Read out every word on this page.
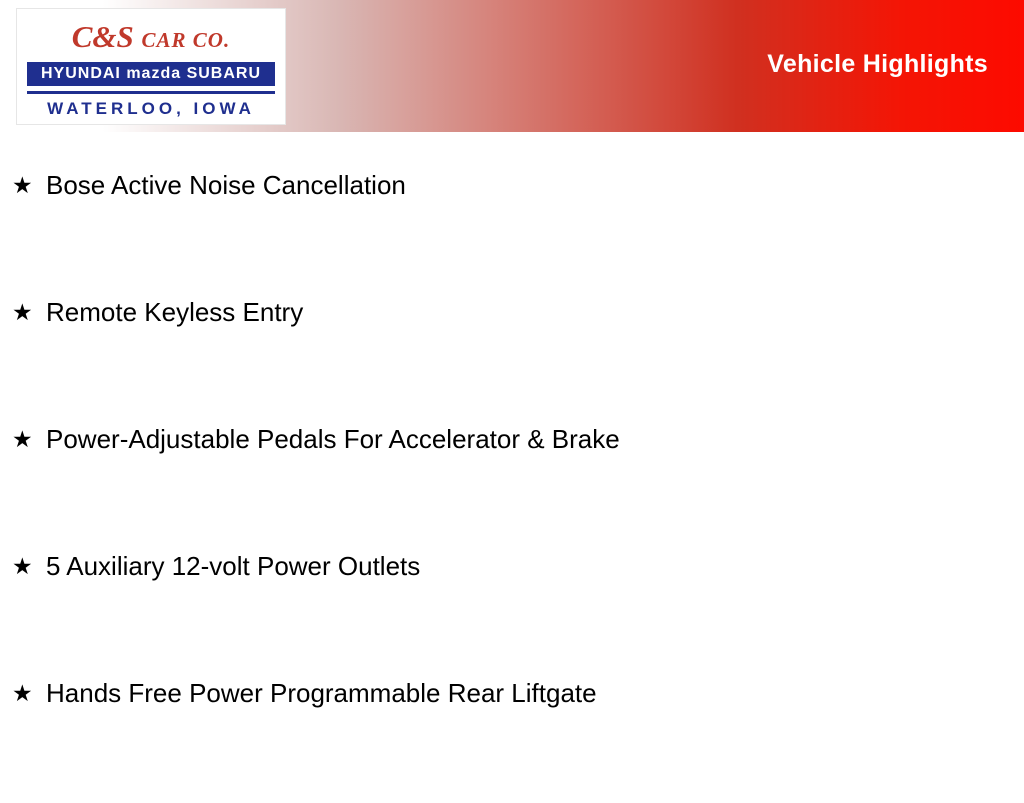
Vehicle Highlights
C&S CAR CO.
HYUNDAI mazda SUBARU
WATERLOO, IOWA
★ Bose Active Noise Cancellation
★ Remote Keyless Entry
★ Power-Adjustable Pedals For Accelerator & Brake
★ 5 Auxiliary 12-volt Power Outlets
★ Hands Free Power Programmable Rear Liftgate
